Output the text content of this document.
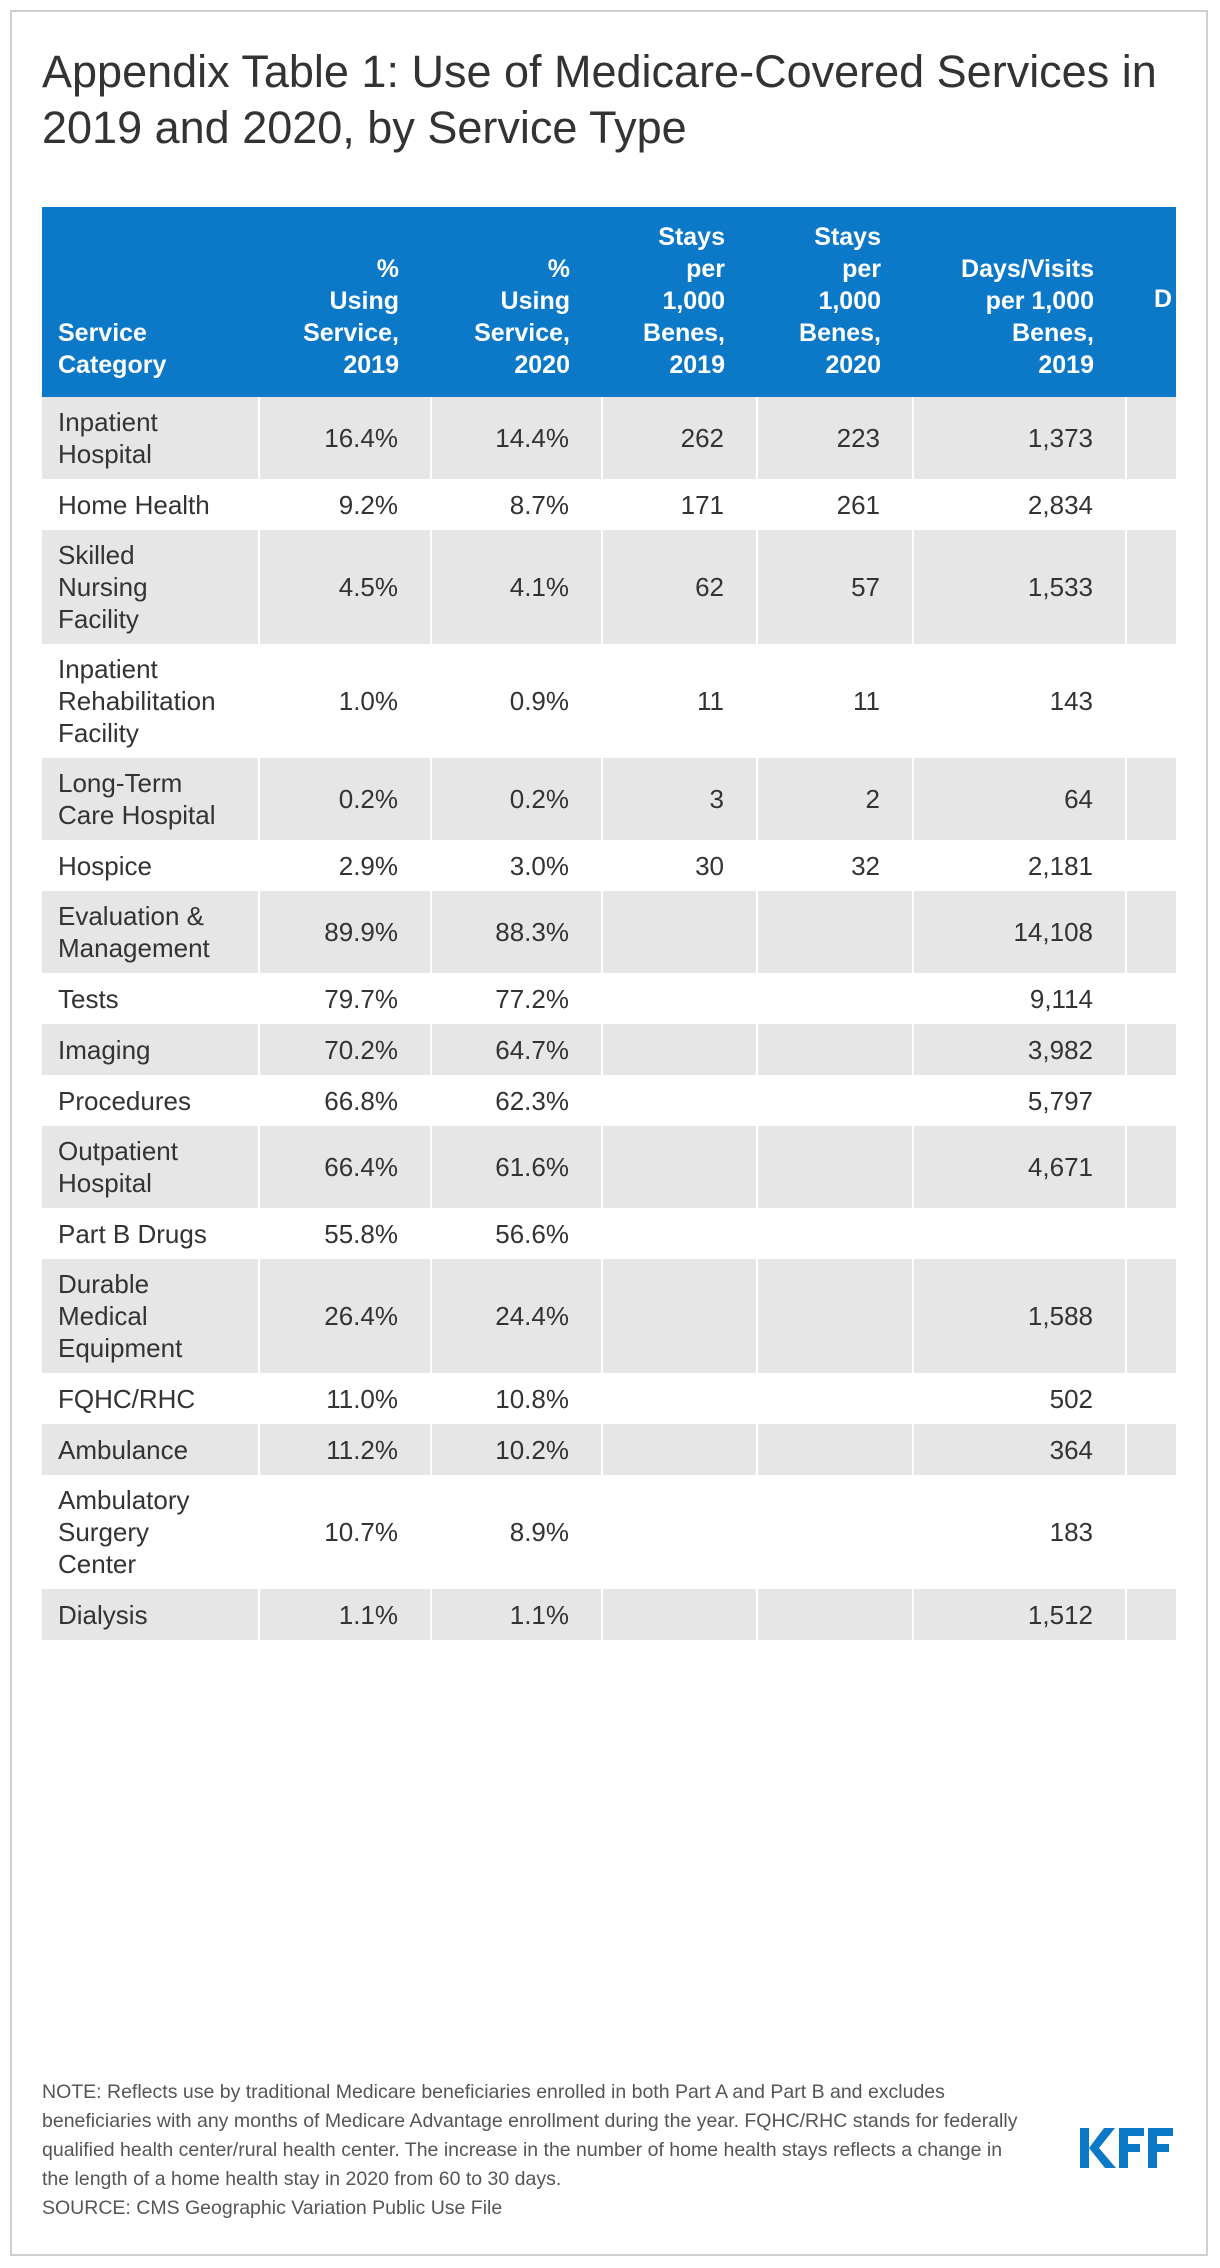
Appendix Table 1: Use of Medicare-Covered Services in 2019 and 2020, by Service Type
Service
Category	%
Using
Service,
2019	%
Using
Service,
2020	Stays
per
1,000
Benes,
2019	Stays
per
1,000
Benes,
2020	Days/Visits
per 1,000
Benes,
2019	D

Inpatient Hospital	16.4%	14.4%	262	223	1,373	
Home Health	9.2%	8.7%	171	261	2,834	
Skilled Nursing Facility	4.5%	4.1%	62	57	1,533	
Inpatient Rehabilitation Facility	1.0%	0.9%	11	11	143	
Long-Term Care Hospital	0.2%	0.2%	3	2	64	
Hospice	2.9%	3.0%	30	32	2,181	
Evaluation & Management	89.9%	88.3%			14,108	
Tests	79.7%	77.2%			9,114	
Imaging	70.2%	64.7%			3,982	
Procedures	66.8%	62.3%			5,797	
Outpatient Hospital	66.4%	61.6%			4,671	
Part B Drugs	55.8%	56.6%				
Durable Medical Equipment	26.4%	24.4%			1,588	
FQHC/RHC	11.0%	10.8%			502	
Ambulance	11.2%	10.2%			364	
Ambulatory Surgery Center	10.7%	8.9%			183	
Dialysis	1.1%	1.1%			1,512	

NOTE: Reflects use by traditional Medicare beneficiaries enrolled in both Part A and Part B and excludes beneficiaries with any months of Medicare Advantage enrollment during the year. FQHC/RHC stands for federally qualified health center/rural health center. The increase in the number of home health stays reflects a change in the length of a home health stay in 2020 from 60 to 30 days.

SOURCE: CMS Geographic Variation Public Use File
